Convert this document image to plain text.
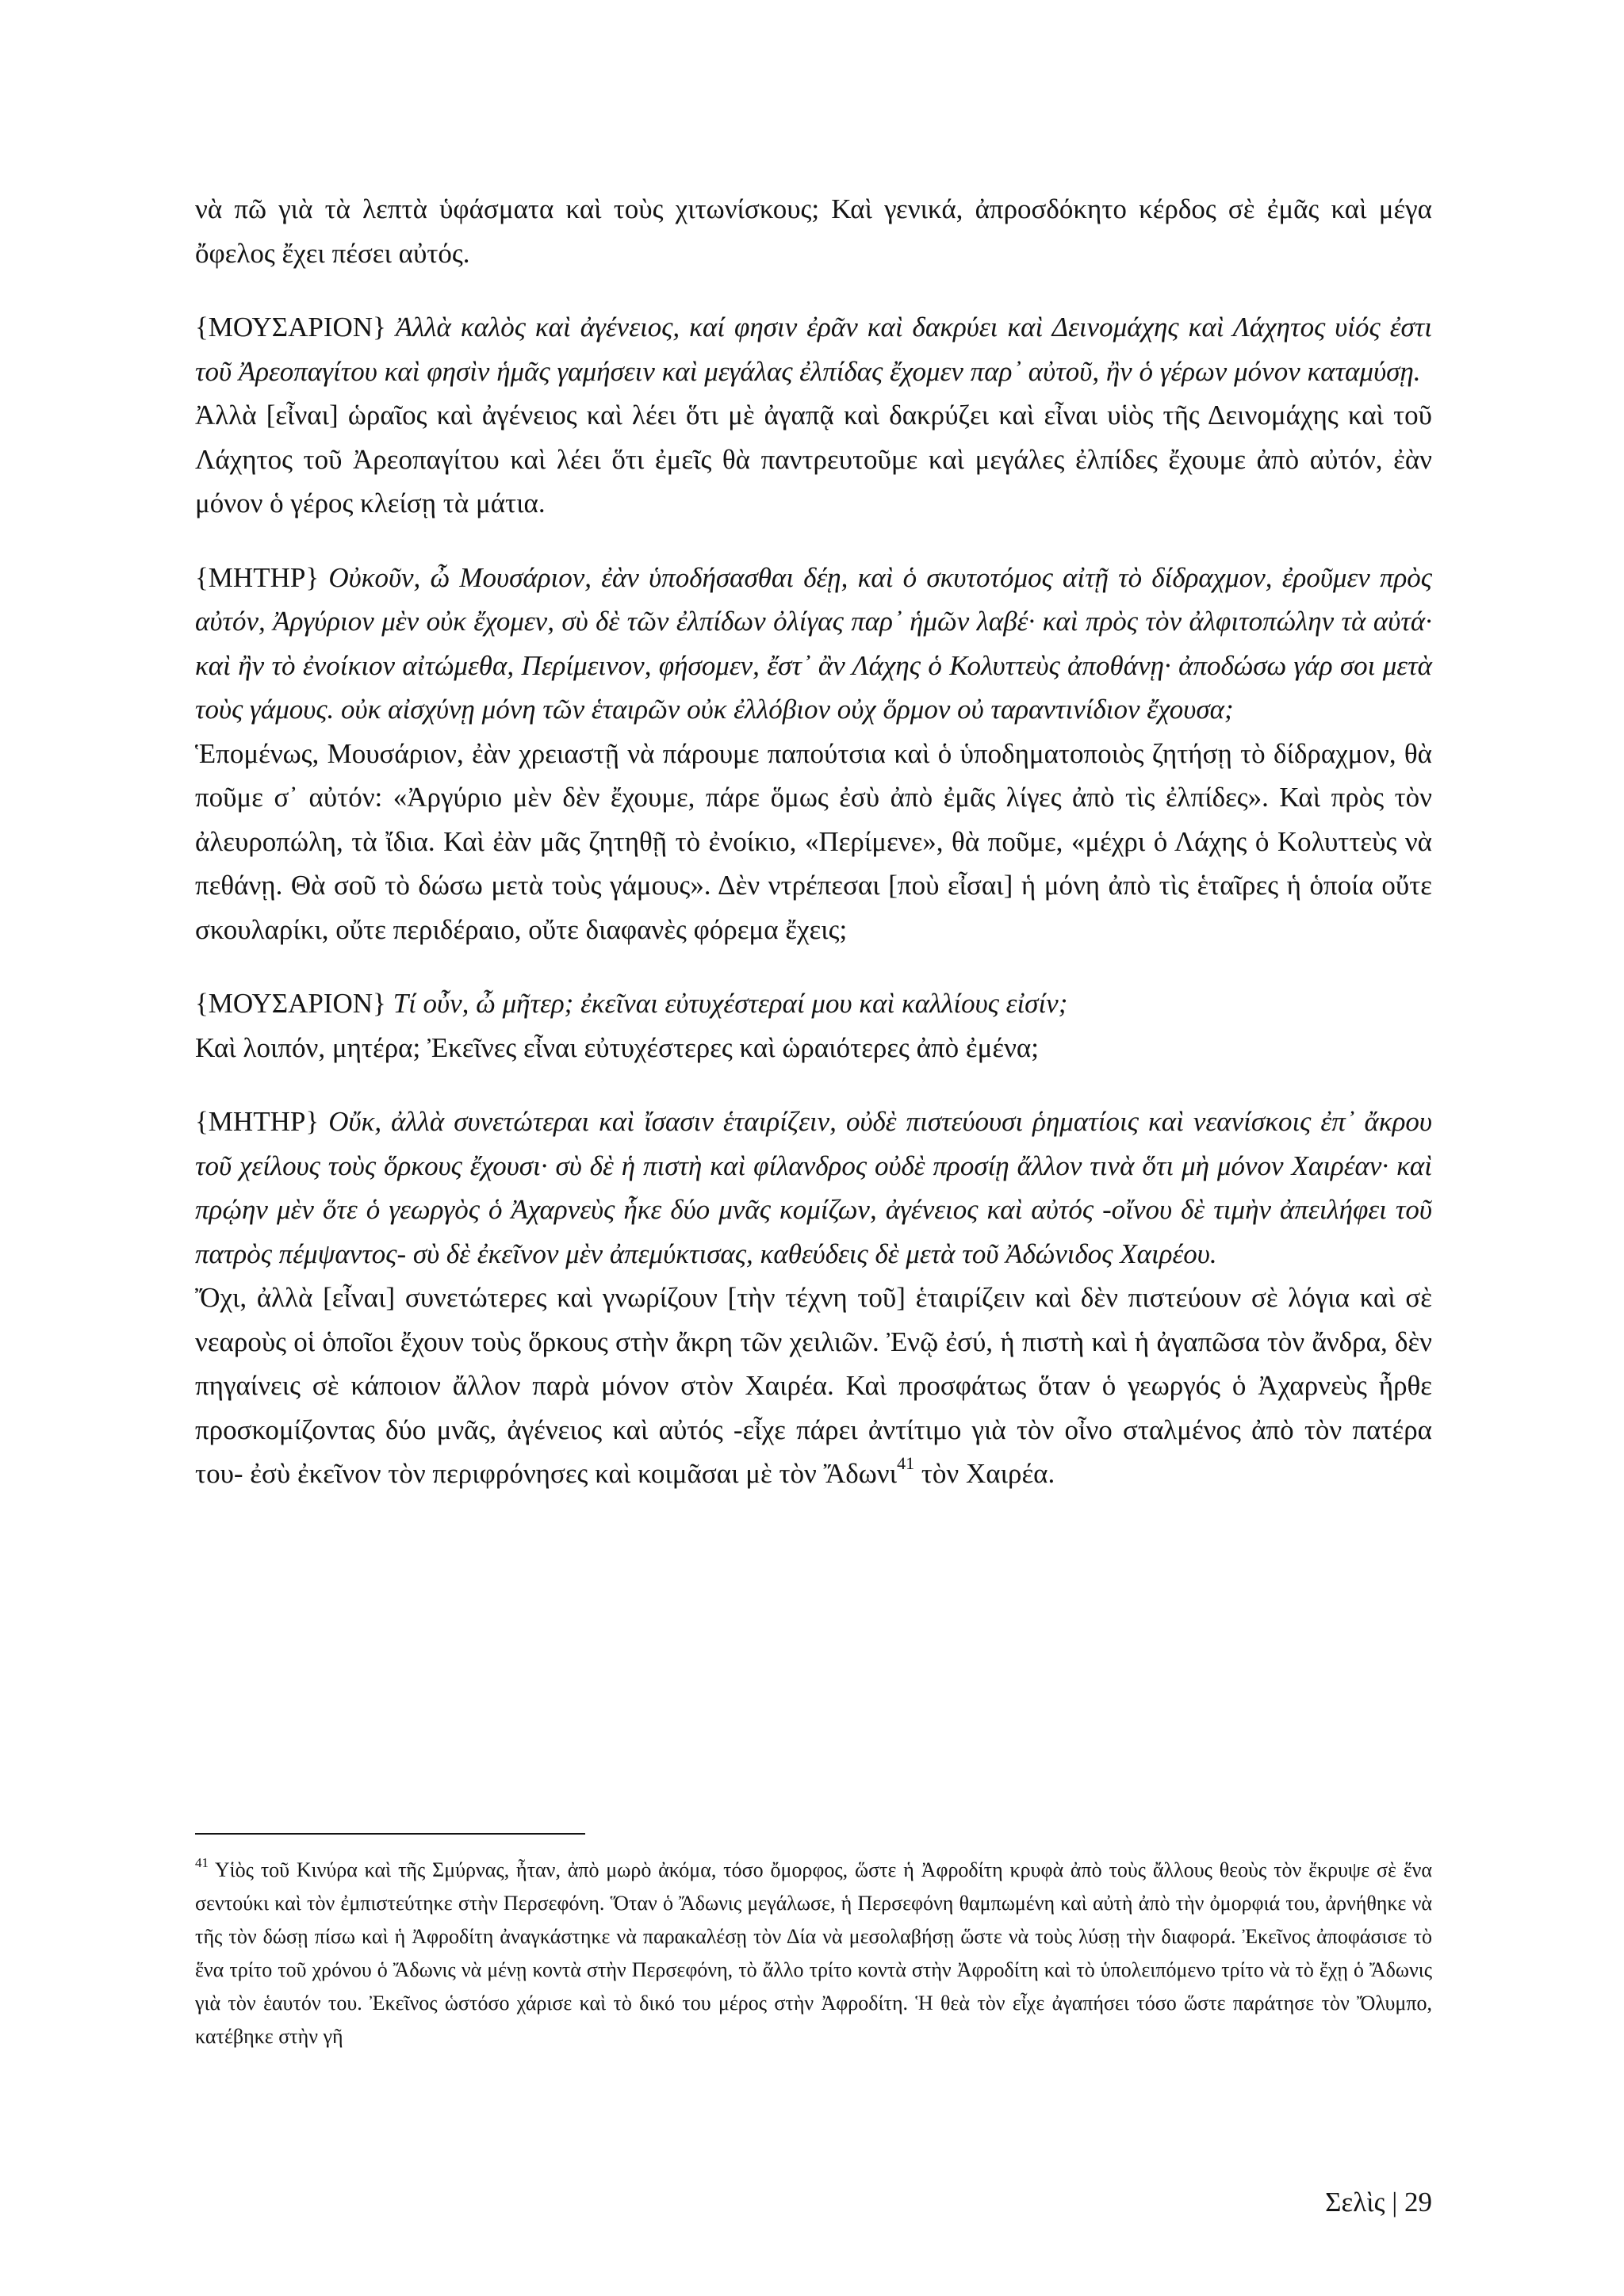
νὰ πῶ γιὰ τὰ λεπτὰ ὑφάσματα καὶ τοὺς χιτωνίσκους; Καὶ γενικά, ἀπροσδόκητο κέρδος σὲ ἐμᾶς καὶ μέγα ὄφελος ἔχει πέσει αὐτός.

{ΜΟΥΣΑΡΙΟΝ} Ἀλλὰ καλὸς καὶ ἀγένειος, καί φησιν ἐρᾶν καὶ δακρύει καὶ Δεινομάχης καὶ Λάχητος υἱός ἐστι τοῦ Ἀρεοπαγίτου καὶ φησὶν ἡμᾶς γαμήσειν καὶ μεγάλας ἐλπίδας ἔχομεν παρ᾽ αὐτοῦ, ἢν ὁ γέρων μόνον καταμύσῃ.

Ἀλλὰ [εἶναι] ὡραῖος καὶ ἀγένειος καὶ λέει ὅτι μὲ ἀγαπᾷ καὶ δακρύζει καὶ εἶναι υἱὸς τῆς Δεινομάχης καὶ τοῦ Λάχητος τοῦ Ἀρεοπαγίτου καὶ λέει ὅτι ἐμεῖς θὰ παντρευτοῦμε καὶ μεγάλες ἐλπίδες ἔχουμε ἀπὸ αὐτόν, ἐὰν μόνον ὁ γέρος κλείσῃ τὰ μάτια.

{ΜΗΤΗΡ} Οὐκοῦν, ὦ Μουσάριον, ἐὰν ὑποδήσασθαι δέῃ, καὶ ὁ σκυτοτόμος αἰτῇ τὸ δίδραχμον, ἐροῦμεν πρὸς αὐτόν, Ἀργύριον μὲν οὐκ ἔχομεν, σὺ δὲ τῶν ἐλπίδων ὀλίγας παρ᾽ ἡμῶν λαβέ· καὶ πρὸς τὸν ἀλφιτοπώλην τὰ αὐτά· καὶ ἢν τὸ ἐνοίκιον αἰτώμεθα, Περίμεινον, φήσομεν, ἔστ᾽ ἂν Λάχης ὁ Κολυττεὺς ἀποθάνῃ· ἀποδώσω γάρ σοι μετὰ τοὺς γάμους. οὐκ αἰσχύνῃ μόνη τῶν ἑταιρῶν οὐκ ἐλλόβιον οὐχ ὅρμον οὐ ταραντινίδιον ἔχουσα;

Ἑπομένως, Μουσάριον, ἐὰν χρειαστῇ νὰ πάρουμε παπούτσια καὶ ὁ ὑποδηματοποιὸς ζητήσῃ τὸ δίδραχμον, θὰ ποῦμε σ᾽ αὐτόν: «Ἀργύριο μὲν δὲν ἔχουμε, πάρε ὅμως ἐσὺ ἀπὸ ἐμᾶς λίγες ἀπὸ τὶς ἐλπίδες». Καὶ πρὸς τὸν ἀλευροπώλη, τὰ ἴδια. Καὶ ἐὰν μᾶς ζητηθῇ τὸ ἐνοίκιο, «Περίμενε», θὰ ποῦμε, «μέχρι ὁ Λάχης ὁ Κολυττεὺς νὰ πεθάνῃ. Θὰ σοῦ τὸ δώσω μετὰ τοὺς γάμους». Δὲν ντρέπεσαι [ποὺ εἶσαι] ἡ μόνη ἀπὸ τὶς ἑταῖρες ἡ ὁποία οὔτε σκουλαρίκι, οὔτε περιδέραιο, οὔτε διαφανὲς φόρεμα ἔχεις;

{ΜΟΥΣΑΡΙΟΝ} Τί οὖν, ὦ μῆτερ; ἐκεῖναι εὐτυχέστεραί μου καὶ καλλίους εἰσίν;

Καὶ λοιπόν, μητέρα; Ἐκεῖνες εἶναι εὐτυχέστερες καὶ ὡραιότερες ἀπὸ ἐμένα;

{ΜΗΤΗΡ} Οὔκ, ἀλλὰ συνετώτεραι καὶ ἴσασιν ἑταιρίζειν, οὐδὲ πιστεύουσι ῥηματίοις καὶ νεανίσκοις ἐπ᾽ ἄκρου τοῦ χείλους τοὺς ὅρκους ἔχουσι· σὺ δὲ ἡ πιστὴ καὶ φίλανδρος οὐδὲ προσίῃ ἄλλον τινὰ ὅτι μὴ μόνον Χαιρέαν· καὶ πρῴην μὲν ὅτε ὁ γεωργὸς ὁ Ἀχαρνεὺς ἧκε δύο μνᾶς κομίζων, ἀγένειος καὶ αὐτός -οἴνου δὲ τιμὴν ἀπειλήφει τοῦ πατρὸς πέμψαντος- σὺ δὲ ἐκεῖνον μὲν ἀπεμύκτισας, καθεύδεις δὲ μετὰ τοῦ Ἀδώνιδος Χαιρέου.

Ὄχι, ἀλλὰ [εἶναι] συνετώτερες καὶ γνωρίζουν [τὴν τέχνη τοῦ] ἑταιρίζειν καὶ δὲν πιστεύουν σὲ λόγια καὶ σὲ νεαροὺς οἱ ὁποῖοι ἔχουν τοὺς ὅρκους στὴν ἄκρη τῶν χειλιῶν. Ἐνῷ ἐσύ, ἡ πιστὴ καὶ ἡ ἀγαπῶσα τὸν ἄνδρα, δὲν πηγαίνεις σὲ κάποιον ἄλλον παρὰ μόνον στὸν Χαιρέα. Καὶ προσφάτως ὅταν ὁ γεωργός ὁ Ἀχαρνεὺς ἦρθε προσκομίζοντας δύο μνᾶς, ἀγένειος καὶ αὐτός -εἶχε πάρει ἀντίτιμο γιὰ τὸν οἶνο σταλμένος ἀπὸ τὸν πατέρα του- ἐσὺ ἐκεῖνον τὸν περιφρόνησες καὶ κοιμᾶσαι μὲ τὸν Ἄδωνι$^{41}$ τὸν Χαιρέα.

$^{41}$ Υἱὸς τοῦ Κινύρα καὶ τῆς Σμύρνας, ἦταν, ἀπὸ μωρὸ ἀκόμα, τόσο ὄμορφος, ὥστε ἡ Ἀφροδίτη κρυφὰ ἀπὸ τοὺς ἄλλους θεοὺς τὸν ἔκρυψε σὲ ἕνα σεντούκι καὶ τὸν ἐμπιστεύτηκε στὴν Περσεφόνη. Ὅταν ὁ Ἄδωνις μεγάλωσε, ἡ Περσεφόνη θαμπωμένη καὶ αὐτὴ ἀπὸ τὴν ὀμορφιά του, ἀρνήθηκε νὰ τῆς τὸν δώσῃ πίσω καὶ ἡ Ἀφροδίτη ἀναγκάστηκε νὰ παρακαλέσῃ τὸν Δία νὰ μεσολαβήσῃ ὥστε νὰ τοὺς λύσῃ τὴν διαφορά. Ἐκεῖνος ἀποφάσισε τὸ ἕνα τρίτο τοῦ χρόνου ὁ Ἄδωνις νὰ μένῃ κοντὰ στὴν Περσεφόνη, τὸ ἄλλο τρίτο κοντὰ στὴν Ἀφροδίτη καὶ τὸ ὑπολειπόμενο τρίτο νὰ τὸ ἔχῃ ὁ Ἄδωνις γιὰ τὸν ἑαυτόν του. Ἐκεῖνος ὡστόσο χάρισε καὶ τὸ δικό του μέρος στὴν Ἀφροδίτη. Ἡ θεὰ τὸν εἶχε ἀγαπήσει τόσο ὥστε παράτησε τὸν Ὄλυμπο, κατέβηκε στὴν γῆ
Σελὶς | 29
